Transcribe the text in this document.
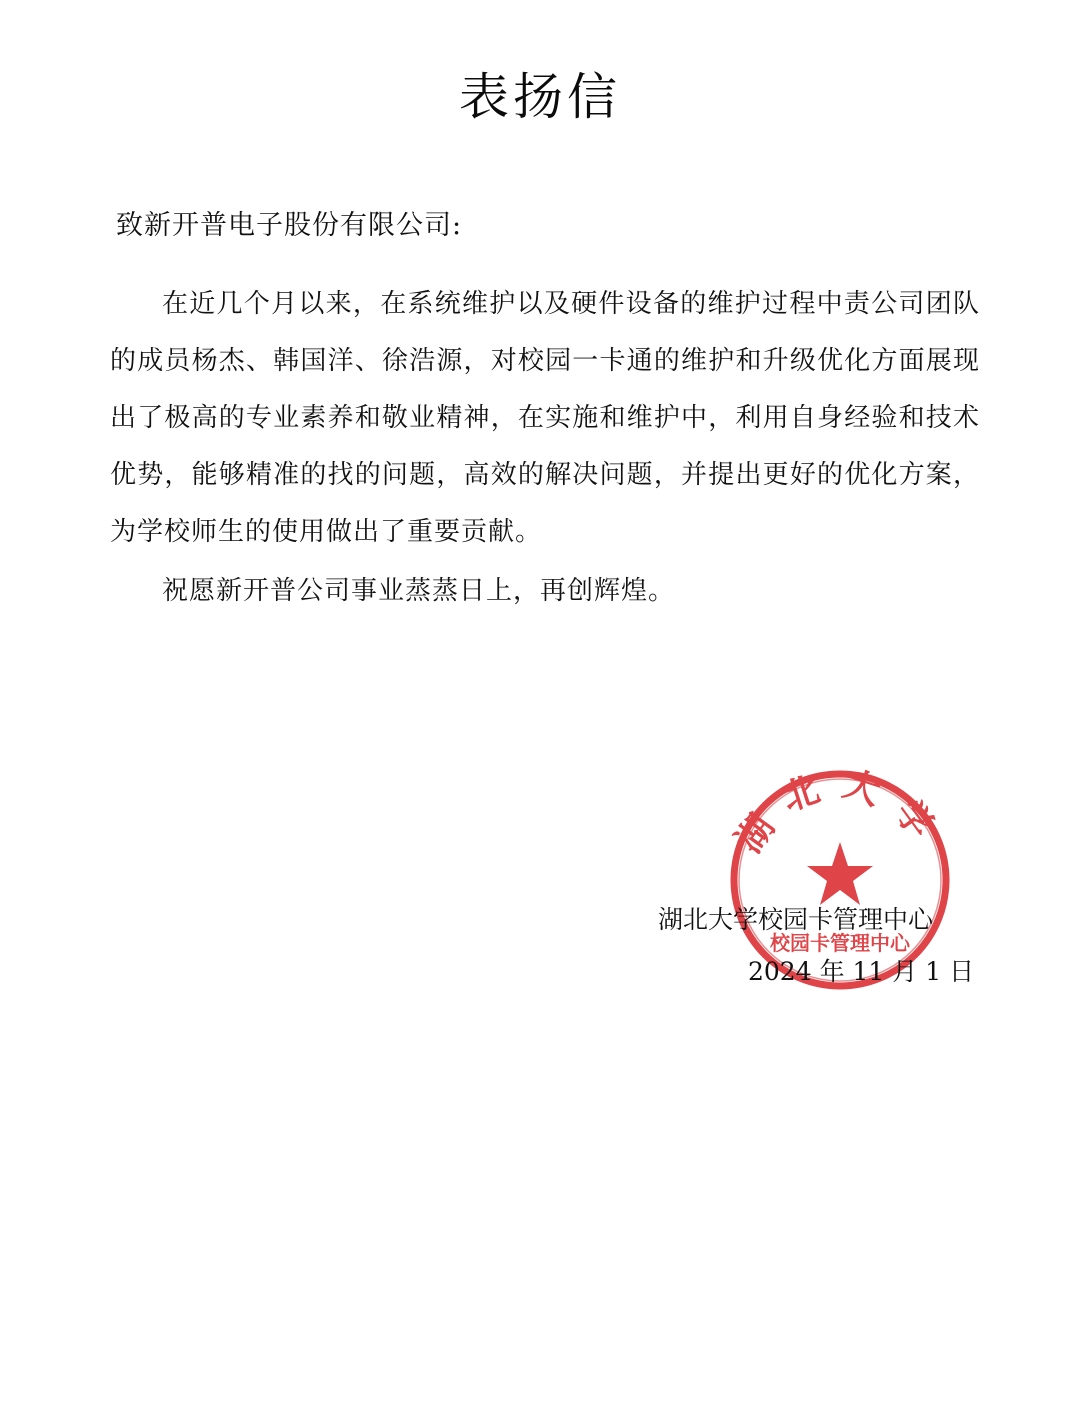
表扬信
致新开普电子股份有限公司:

在近几个月以来，在系统维护以及硬件设备的维护过程中责公司团队的成员杨杰、韩国洋、徐浩源，对校园一卡通的维护和升级优化方面展现出了极高的专业素养和敬业精神，在实施和维护中，利用自身经验和技术优势，能够精准的找的问题，高效的解决问题，并提出更好的优化方案，为学校师生的使用做出了重要贡献。

祝愿新开普公司事业蒸蒸日上，再创辉煌。

湖北大学
校园卡管理中心
湖北大学校园卡管理中心
2024 年 11 月 1 日
